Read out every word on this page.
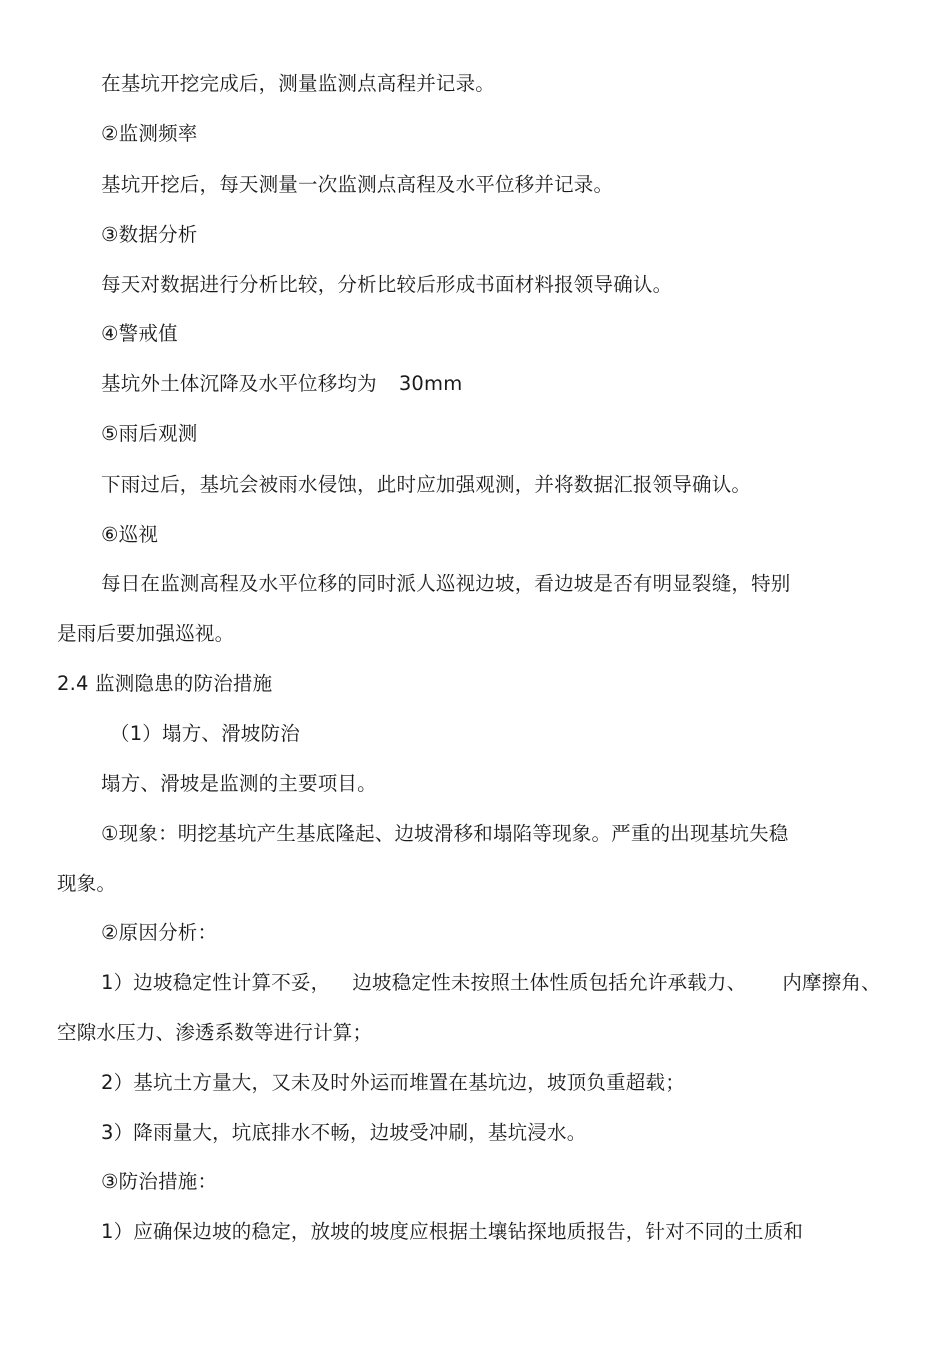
在基坑开挖完成后，测量监测点高程并记录。
②监测频率
基坑开挖后，每天测量一次监测点高程及水平位移并记录。
③数据分析
每天对数据进行分析比较，分析比较后形成书面材料报领导确认。
④警戒值
基坑外土体沉降及水平位移均为 30mm
⑤雨后观测
下雨过后，基坑会被雨水侵蚀，此时应加强观测，并将数据汇报领导确认。
⑥巡视
每日在监测高程及水平位移的同时派人巡视边坡，看边坡是否有明显裂缝，特别
是雨后要加强巡视。
2.4 监测隐患的防治措施
（1）塌方、滑坡防治
塌方、滑坡是监测的主要项目。
①现象：明挖基坑产生基底隆起、边坡滑移和塌陷等现象。严重的出现基坑失稳
现象。
②原因分析：
1）边坡稳定性计算不妥， 边坡稳定性未按照土体性质包括允许承载力、 内摩擦角、
空隙水压力、渗透系数等进行计算；
2）基坑土方量大，又未及时外运而堆置在基坑边，坡顶负重超载；
3）降雨量大，坑底排水不畅，边坡受冲刷，基坑浸水。
③防治措施：
1）应确保边坡的稳定，放坡的坡度应根据土壤钻探地质报告，针对不同的土质和
